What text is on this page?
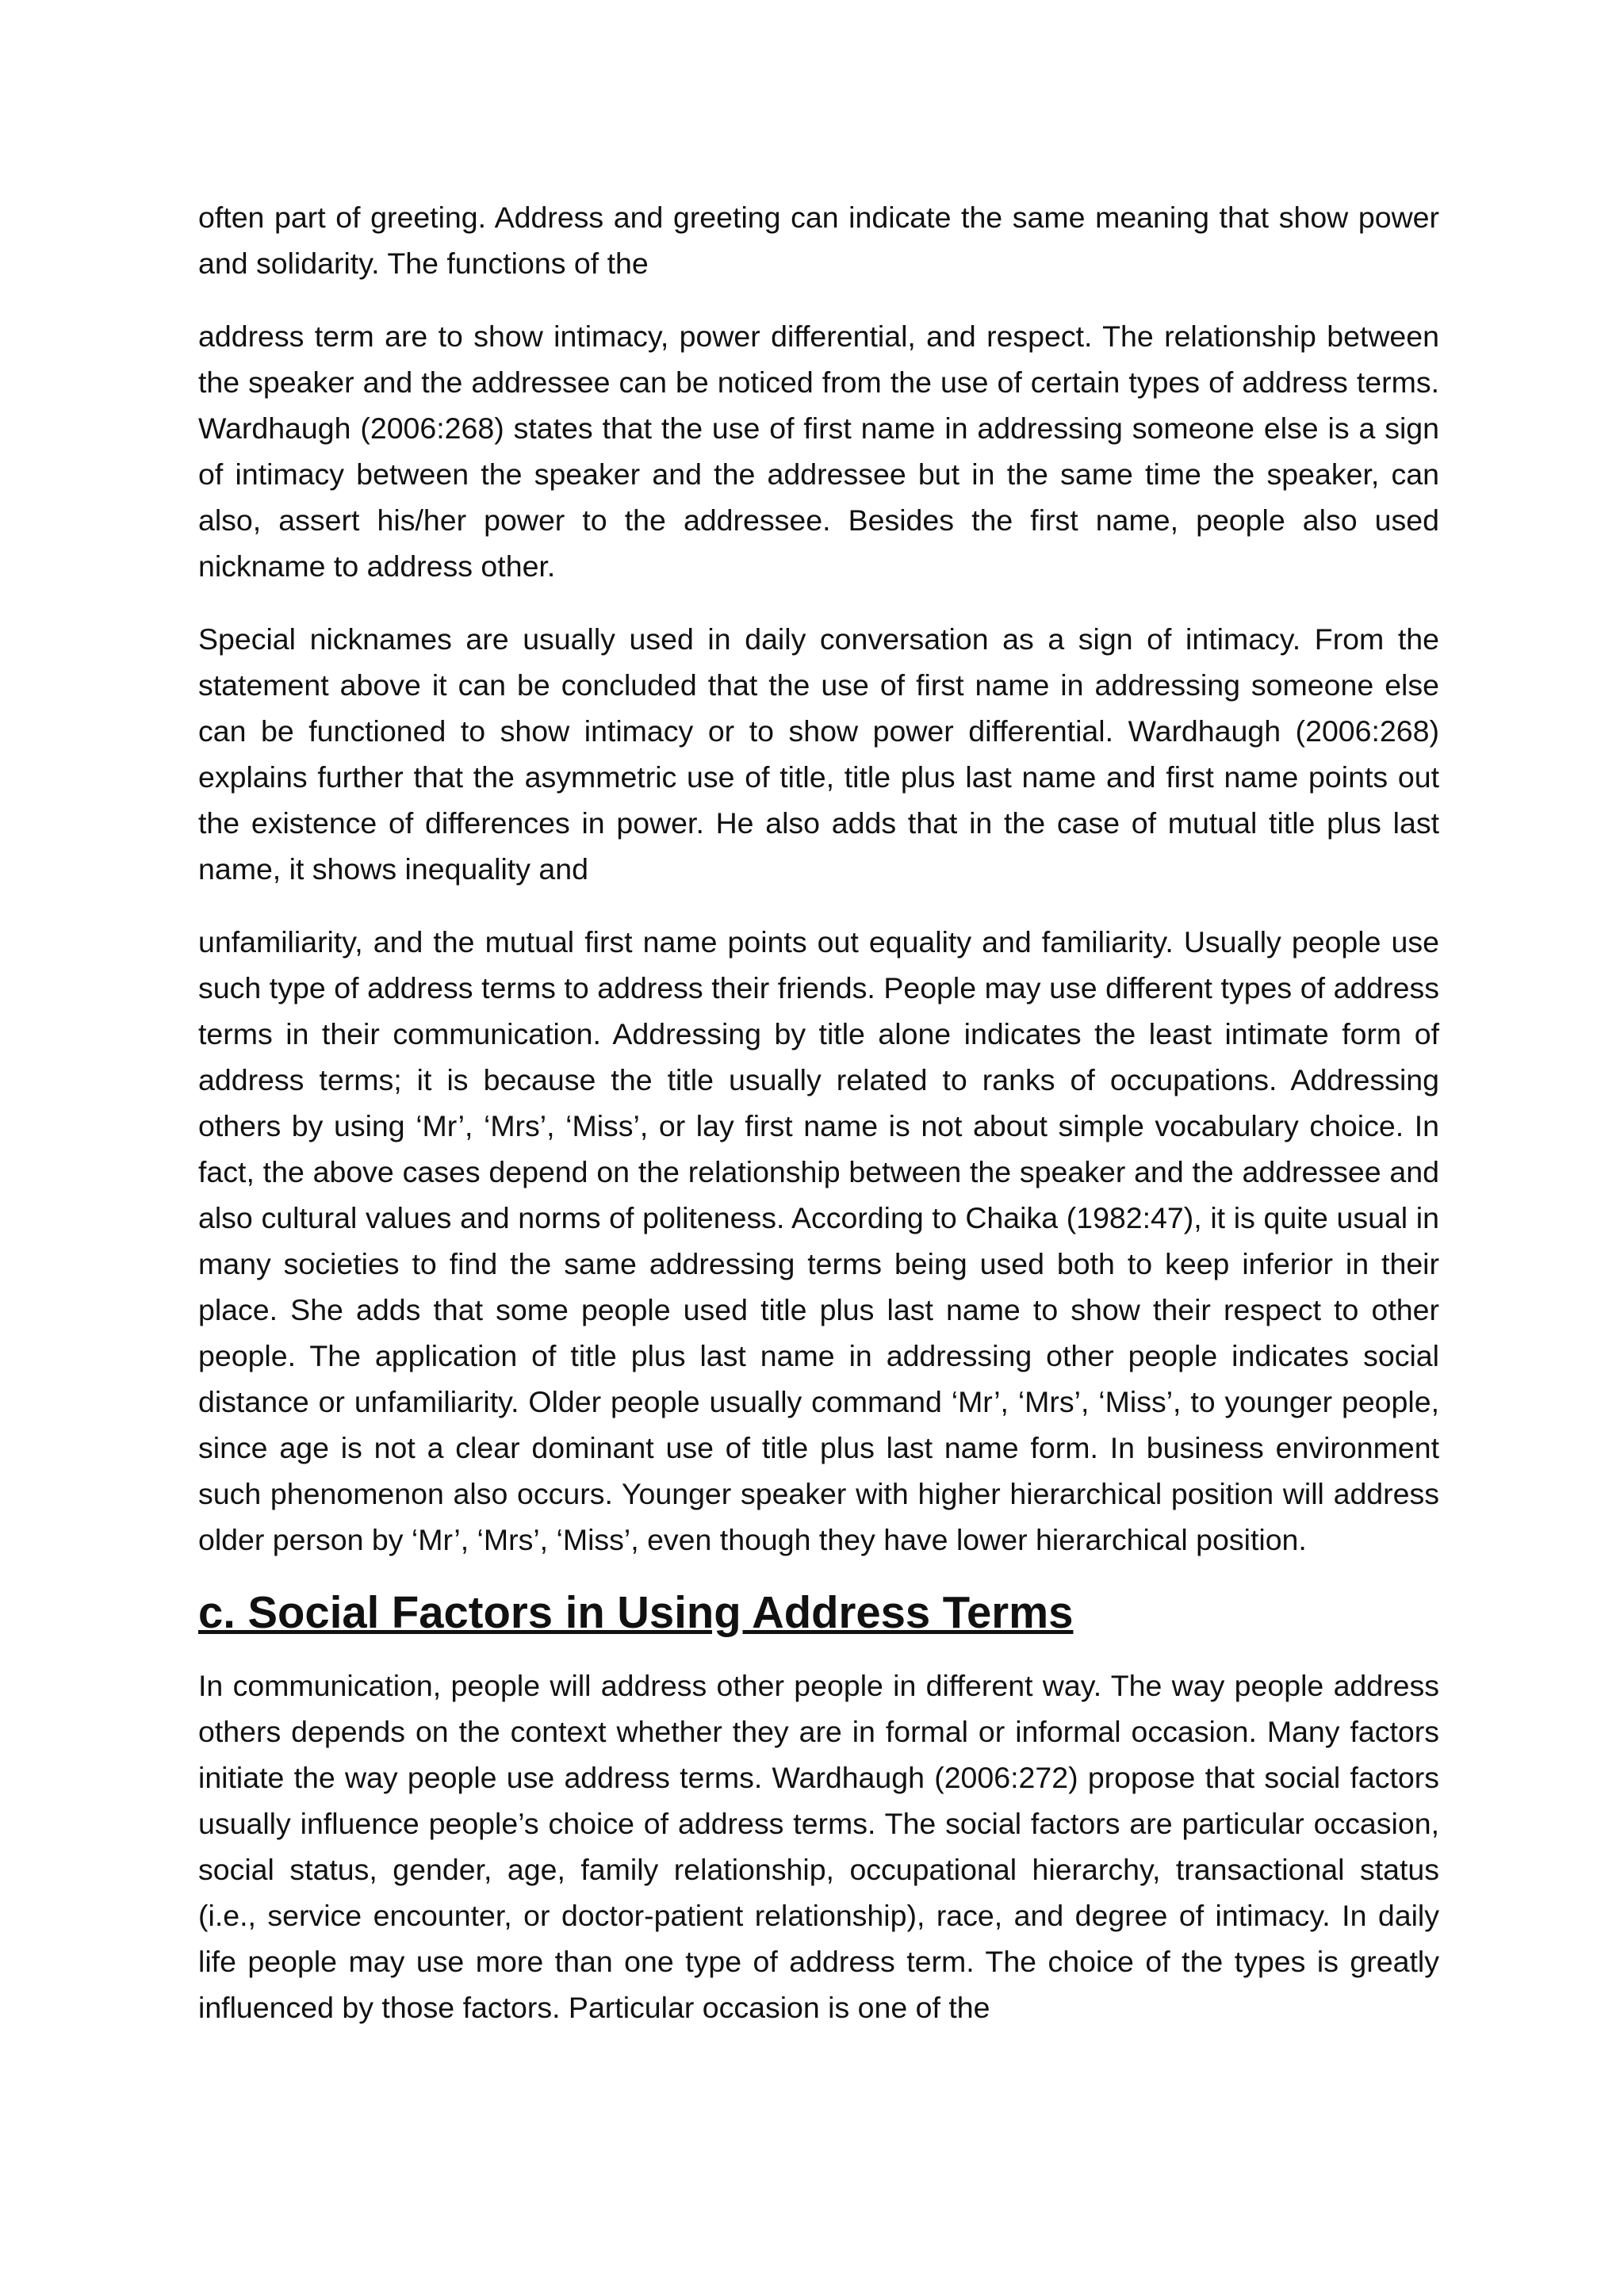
often part of greeting. Address and greeting can indicate the same meaning that show power and solidarity. The functions of the

address term are to show intimacy, power differential, and respect. The relationship between the speaker and the addressee can be noticed from the use of certain types of address terms. Wardhaugh (2006:268) states that the use of first name in addressing someone else is a sign of intimacy between the speaker and the addressee but in the same time the speaker, can also, assert his/her power to the addressee. Besides the first name, people also used nickname to address other.

Special nicknames are usually used in daily conversation as a sign of intimacy. From the statement above it can be concluded that the use of first name in addressing someone else can be functioned to show intimacy or to show power differential. Wardhaugh (2006:268) explains further that the asymmetric use of title, title plus last name and first name points out the existence of differences in power. He also adds that in the case of mutual title plus last name, it shows inequality and

unfamiliarity, and the mutual first name points out equality and familiarity. Usually people use such type of address terms to address their friends. People may use different types of address terms in their communication. Addressing by title alone indicates the least intimate form of address terms; it is because the title usually related to ranks of occupations. Addressing others by using ‘Mr’, ‘Mrs’, ‘Miss’, or lay first name is not about simple vocabulary choice. In fact, the above cases depend on the relationship between the speaker and the addressee and also cultural values and norms of politeness. According to Chaika (1982:47), it is quite usual in many societies to find the same addressing terms being used both to keep inferior in their place. She adds that some people used title plus last name to show their respect to other people. The application of title plus last name in addressing other people indicates social distance or unfamiliarity. Older people usually command ‘Mr’, ‘Mrs’, ‘Miss’, to younger people, since age is not a clear dominant use of title plus last name form. In business environment such phenomenon also occurs. Younger speaker with higher hierarchical position will address older person by ‘Mr’, ‘Mrs’, ‘Miss’, even though they have lower hierarchical position.

c. Social Factors in Using Address Terms

In communication, people will address other people in different way. The way people address others depends on the context whether they are in formal or informal occasion. Many factors initiate the way people use address terms. Wardhaugh (2006:272) propose that social factors usually influence people’s choice of address terms. The social factors are particular occasion, social status, gender, age, family relationship, occupational hierarchy, transactional status (i.e., service encounter, or doctor-patient relationship), race, and degree of intimacy. In daily life people may use more than one type of address term. The choice of the types is greatly influenced by those factors. Particular occasion is one of the
